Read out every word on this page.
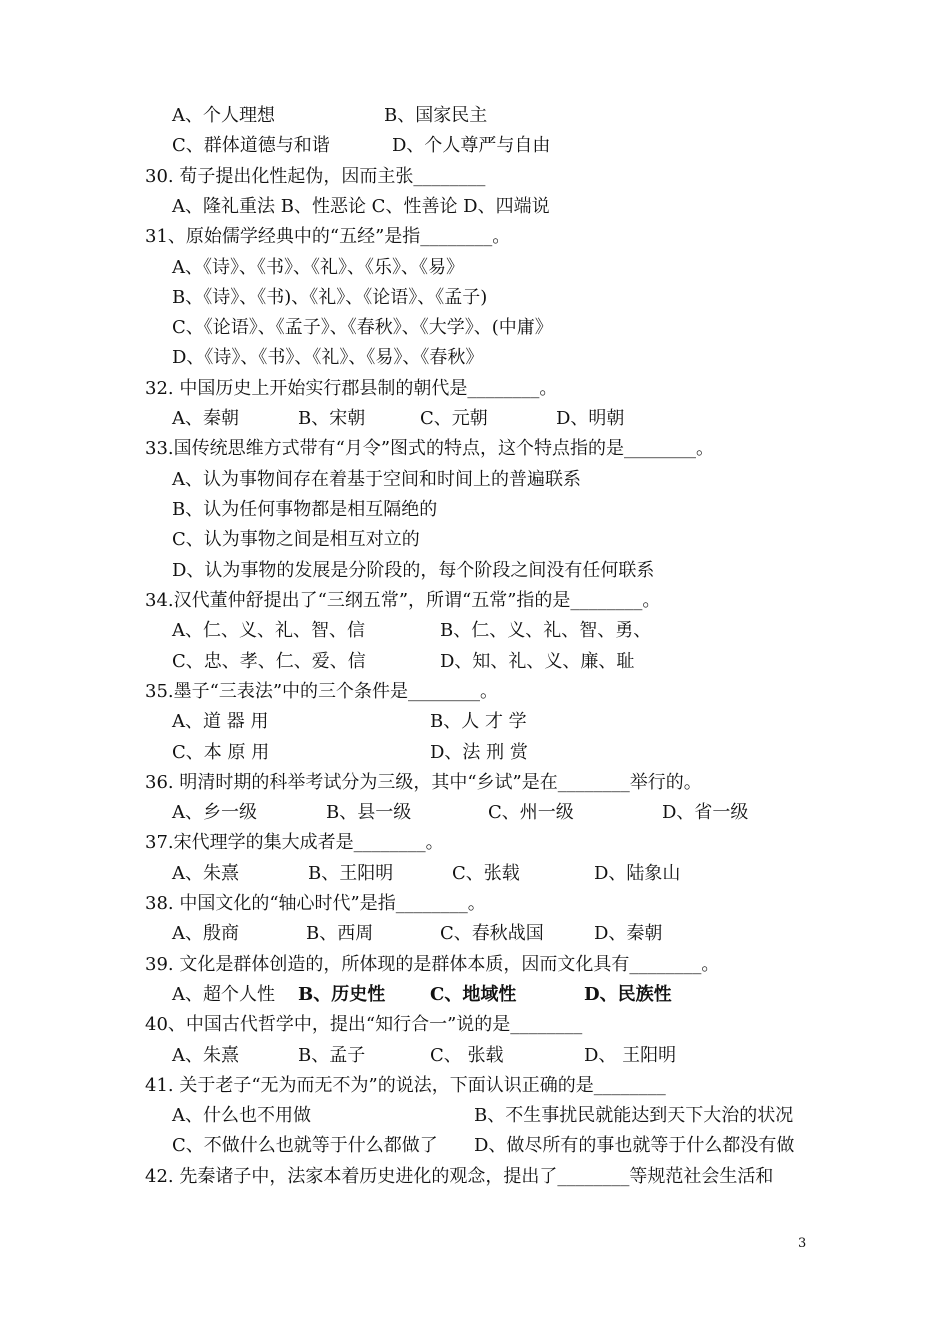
A、个人理想

	B、国家民主

C、群体道德与和谐

	D、个人尊严与自由

30. 荀子提出化性起伪，因而主张________

A、隆礼重法 B、性恶论 C、性善论 D、四端说

31、原始儒学经典中的“五经”是指________。

A、《诗》、《书》、《礼》、《乐》、《易》

B、《诗》、《书)、《礼》、《论语》、《孟子)

C、《论语》、《孟子》、《春秋》、《大学》、(中庸》

D、《诗》、《书》、《礼》、《易》、《春秋》

32. 中国历史上开始实行郡县制的朝代是________。

A、秦朝

	B、宋朝

	C、元朝

	D、明朝

33.国传统思维方式带有“月令”图式的特点，这个特点指的是________。

A、认为事物间存在着基于空间和时间上的普遍联系

B、认为任何事物都是相互隔绝的

C、认为事物之间是相互对立的

D、认为事物的发展是分阶段的，每个阶段之间没有任何联系

34.汉代董仲舒提出了“三纲五常”，所谓“五常”指的是________。

A、仁、义、礼、智、信

	B、仁、义、礼、智、勇、

C、忠、孝、仁、爱、信

	D、知、礼、义、廉、耻

35.墨子“三表法”中的三个条件是________。

A、道 器 用

	B、人 才 学

C、本 原 用

	D、法 刑 赏

36. 明清时期的科举考试分为三级，其中“乡试”是在________举行的。

A、乡一级

	B、县一级

	C、州一级

	D、省一级

37.宋代理学的集大成者是________。

A、朱熹

	B、王阳明

	C、张载

	D、陆象山

38. 中国文化的“轴心时代”是指________。

A、殷商

	B、西周

	C、春秋战国

	D、秦朝

39. 文化是群体创造的，所体现的是群体本质，因而文化具有________。

A、超个人性

B、历史性

C、地域性

	D、民族性

40、中国古代哲学中，提出“知行合一”说的是________

A、朱熹

	B、孟子

	C、 张载

	D、 王阳明

41. 关于老子“无为而无不为”的说法，下面认识正确的是________

A、什么也不用做

	B、不生事扰民就能达到天下大治的状况

C、不做什么也就等于什么都做了

D、做尽所有的事也就等于什么都没有做

42. 先秦诸子中，法家本着历史进化的观念，提出了________等规范社会生活和
3
